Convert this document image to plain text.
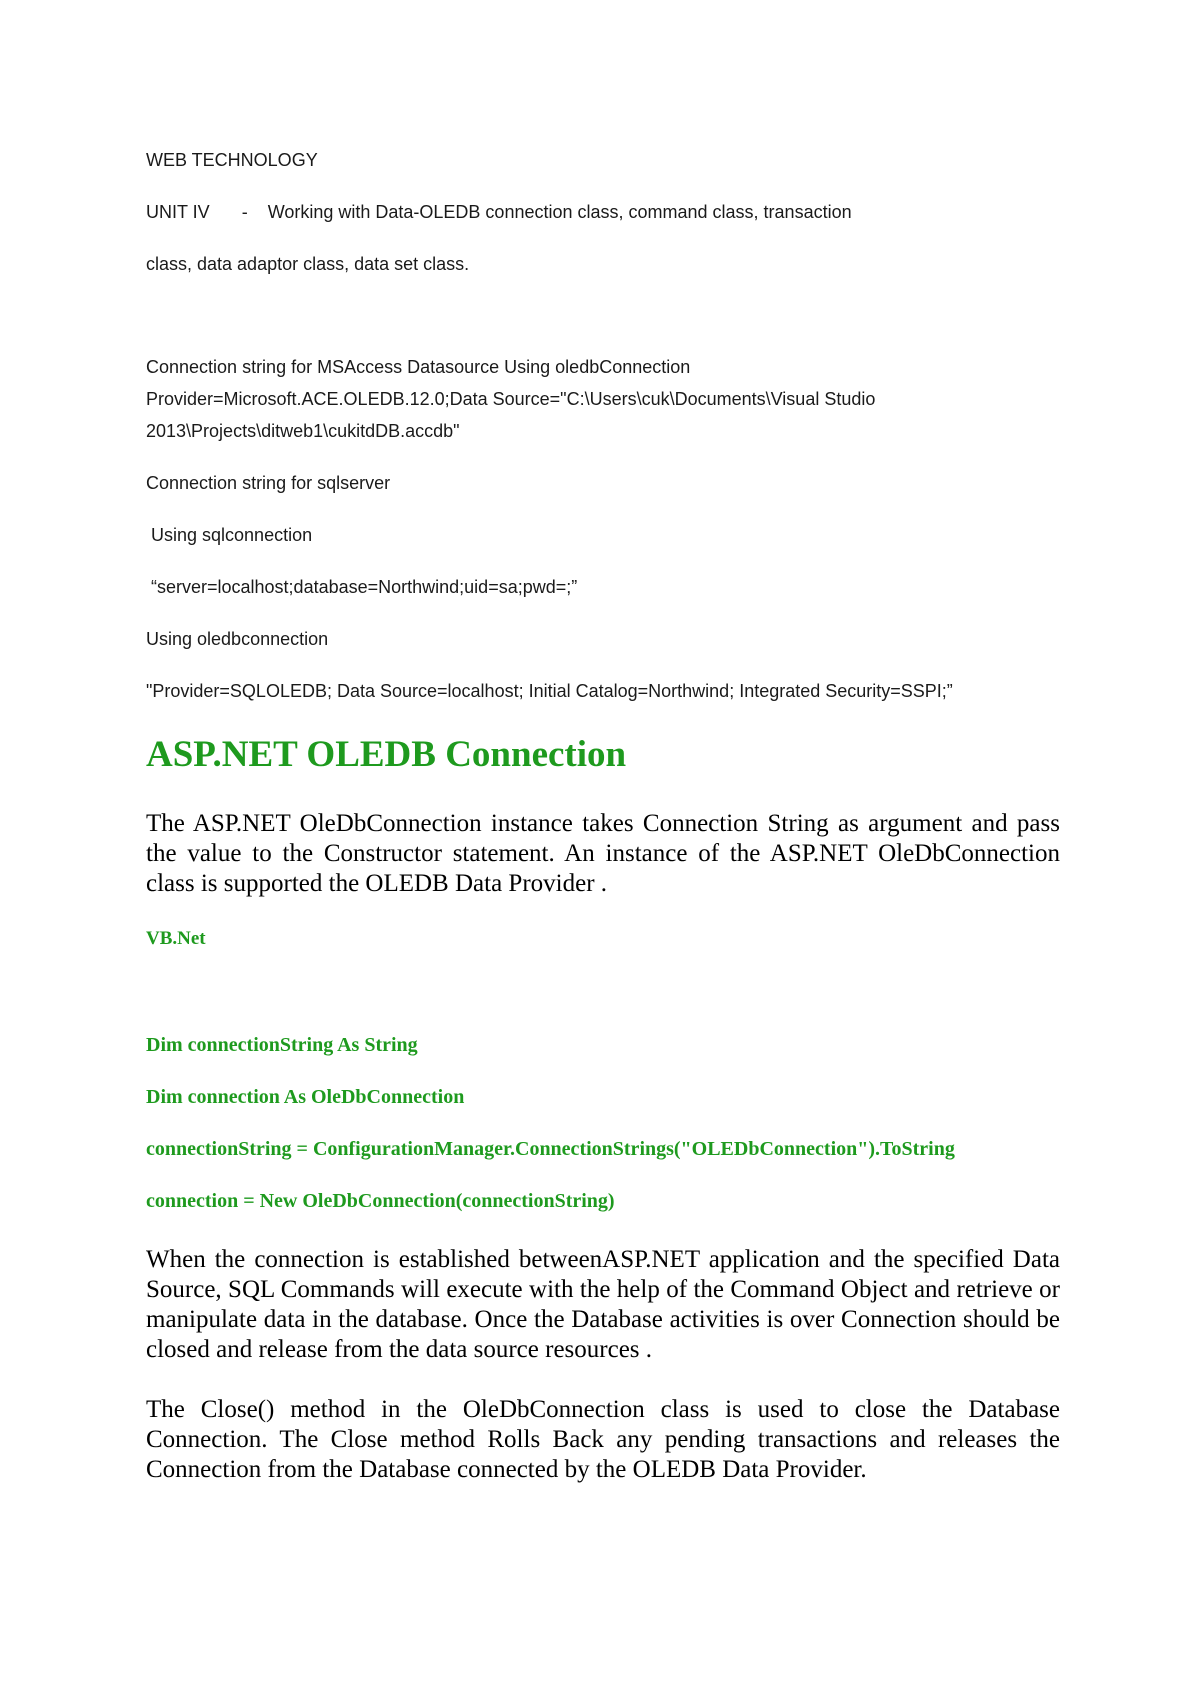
WEB TECHNOLOGY
UNIT IV - Working with Data-OLEDB connection class, command class, transaction
class, data adaptor class, data set class.
Connection string for MSAccess Datasource Using oledbConnection
Provider=Microsoft.ACE.OLEDB.12.0;Data Source="C:\Users\cuk\Documents\Visual Studio
2013\Projects\ditweb1\cukitdDB.accdb"
Connection string for sqlserver
Using sqlconnection
“server=localhost;database=Northwind;uid=sa;pwd=;”
Using oledbconnection
"Provider=SQLOLEDB; Data Source=localhost; Initial Catalog=Northwind; Integrated Security=SSPI;”
ASP.NET OLEDB Connection
The ASP.NET OleDbConnection instance takes Connection String as argument and pass the value to the Constructor statement. An instance of the ASP.NET OleDbConnection class is supported the OLEDB Data Provider .
VB.Net
Dim connectionString As String
Dim connection As OleDbConnection
connectionString = ConfigurationManager.ConnectionStrings("OLEDbConnection").ToString
connection = New OleDbConnection(connectionString)
When the connection is established betweenASP.NET application and the specified Data Source, SQL Commands will execute with the help of the Command Object and retrieve or manipulate data in the database. Once the Database activities is over Connection should be closed and release from the data source resources .
The Close() method in the OleDbConnection class is used to close the Database Connection. The Close method Rolls Back any pending transactions and releases the Connection from the Database connected by the OLEDB Data Provider.
